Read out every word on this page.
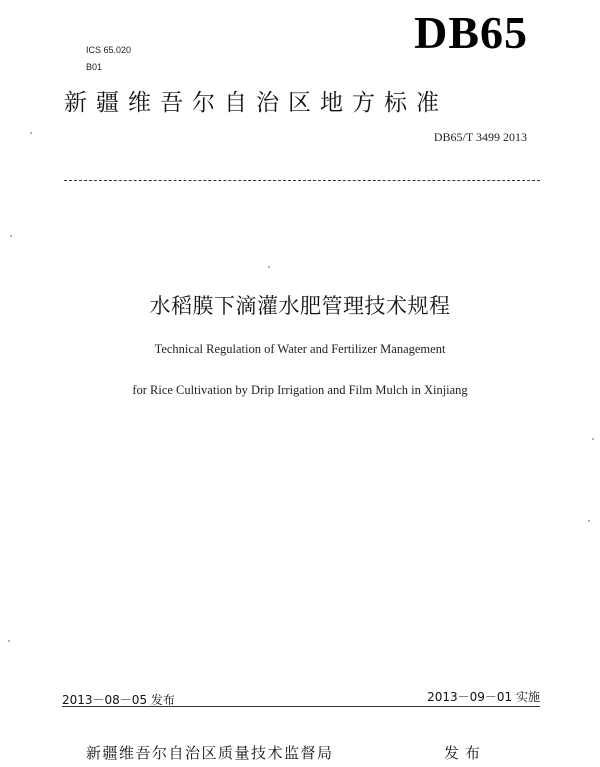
ICS 65.020
B01
DB65
新疆维吾尔自治区地方标准
DB65/T 3499 2013
水稻膜下滴灌水肥管理技术规程
Technical Regulation of Water and Fertilizer Management
for Rice Cultivation by Drip Irrigation and Film Mulch in Xinjiang
2013－08－05 发布	2013－09－01 实施
新疆维吾尔自治区质量技术监督局	发布
